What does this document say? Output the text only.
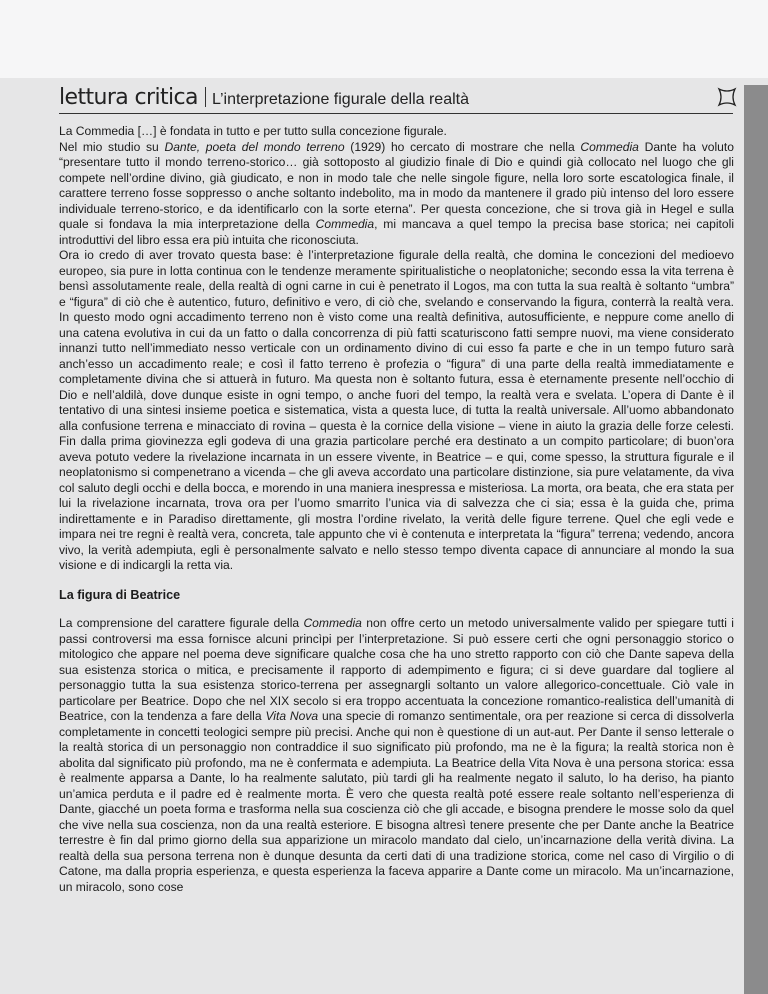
lettura critica L’interpretazione figurale della realtà

La Commedia […] è fondata in tutto e per tutto sulla concezione figurale.

Nel mio studio su Dante, poeta del mondo terreno (1929) ho cercato di mostrare che nella Commedia Dante ha voluto “presentare tutto il mondo terreno-storico… già sottoposto al giudizio finale di Dio e quindi già collocato nel luogo che gli compete nell’ordine divino, già giudicato, e non in modo tale che nelle singole figure, nella loro sorte escatologica finale, il carattere terreno fosse soppresso o anche soltanto indebolito, ma in modo da mantenere il grado più intenso del loro essere individuale terreno-storico, e da identificarlo con la sorte eterna”. Per questa concezione, che si trova già in Hegel e sulla quale si fondava la mia interpretazione della Commedia, mi mancava a quel tempo la precisa base storica; nei capitoli introduttivi del libro essa era più intuita che riconosciuta.

Ora io credo di aver trovato questa base: è l’interpretazione figurale della realtà, che domina le concezioni del medioevo europeo, sia pure in lotta continua con le tendenze meramente spiritualistiche o neoplatoniche; secondo essa la vita terrena è bensì assolutamente reale, della realtà di ogni carne in cui è penetrato il Logos, ma con tutta la sua realtà è soltanto “umbra” e “figura” di ciò che è autentico, futuro, definitivo e vero, di ciò che, svelando e conservando la figura, conterrà la realtà vera. In questo modo ogni accadimento terreno non è visto come una realtà definitiva, autosufficiente, e neppure come anello di una catena evolutiva in cui da un fatto o dalla concorrenza di più fatti scaturiscono fatti sempre nuovi, ma viene considerato innanzi tutto nell’immediato nesso verticale con un ordinamento divino di cui esso fa parte e che in un tempo futuro sarà anch’esso un accadimento reale; e così il fatto terreno è profezia o “figura” di una parte della realtà immediatamente e completamente divina che si attuerà in futuro. Ma questa non è soltanto futura, essa è eternamente presente nell’occhio di Dio e nell’aldilà, dove dunque esiste in ogni tempo, o anche fuori del tempo, la realtà vera e svelata. L’opera di Dante è il tentativo di una sintesi insieme poetica e sistematica, vista a questa luce, di tutta la realtà universale. All’uomo abbandonato alla confusione terrena e minacciato di rovina – questa è la cornice della visione – viene in aiuto la grazia delle forze celesti. Fin dalla prima giovinezza egli godeva di una grazia particolare perché era destinato a un compito particolare; di buon’ora aveva potuto vedere la rivelazione incarnata in un essere vivente, in Beatrice – e qui, come spesso, la struttura figurale e il neoplatonismo si compenetrano a vicenda – che gli aveva accordato una particolare distinzione, sia pure velatamente, da viva col saluto degli occhi e della bocca, e morendo in una maniera inespressa e misteriosa. La morta, ora beata, che era stata per lui la rivelazione incarnata, trova ora per l’uomo smarrito l’unica via di salvezza che ci sia; essa è la guida che, prima indirettamente e in Paradiso direttamente, gli mostra l’ordine rivelato, la verità delle figure terrene. Quel che egli vede e impara nei tre regni è realtà vera, concreta, tale appunto che vi è contenuta e interpretata la “figura” terrena; vedendo, ancora vivo, la verità adempiuta, egli è personalmente salvato e nello stesso tempo diventa capace di annunciare al mondo la sua visione e di indicargli la retta via.

La figura di Beatrice

La comprensione del carattere figurale della Commedia non offre certo un metodo universalmente valido per spiegare tutti i passi controversi ma essa fornisce alcuni princìpi per l’interpretazione. Si può essere certi che ogni personaggio storico o mitologico che appare nel poema deve significare qualche cosa che ha uno stretto rapporto con ciò che Dante sapeva della sua esistenza storica o mitica, e precisamente il rapporto di adempimento e figura; ci si deve guardare dal togliere al personaggio tutta la sua esistenza storico-terrena per assegnargli soltanto un valore allegorico-concettuale. Ciò vale in particolare per Beatrice. Dopo che nel XIX secolo si era troppo accentuata la concezione romantico-realistica dell’umanità di Beatrice, con la tendenza a fare della Vita Nova una specie di romanzo sentimentale, ora per reazione si cerca di dissolverla completamente in concetti teologici sempre più precisi. Anche qui non è questione di un aut-aut. Per Dante il senso letterale o la realtà storica di un personaggio non contraddice il suo significato più profondo, ma ne è la figura; la realtà storica non è abolita dal significato più profondo, ma ne è confermata e adempiuta. La Beatrice della Vita Nova è una persona storica: essa è realmente apparsa a Dante, lo ha realmente salutato, più tardi gli ha realmente negato il saluto, lo ha deriso, ha pianto un’amica perduta e il padre ed è realmente morta. È vero che questa realtà poté essere reale soltanto nell’esperienza di Dante, giacché un poeta forma e trasforma nella sua coscienza ciò che gli accade, e bisogna prendere le mosse solo da quel che vive nella sua coscienza, non da una realtà esteriore. E bisogna altresì tenere presente che per Dante anche la Beatrice terrestre è fin dal primo giorno della sua apparizione un miracolo mandato dal cielo, un’incarnazione della verità divina. La realtà della sua persona terrena non è dunque desunta da certi dati di una tradizione storica, come nel caso di Virgilio o di Catone, ma dalla propria esperienza, e questa esperienza la faceva apparire a Dante come un miracolo. Ma un’incarnazione, un miracolo, sono cose
